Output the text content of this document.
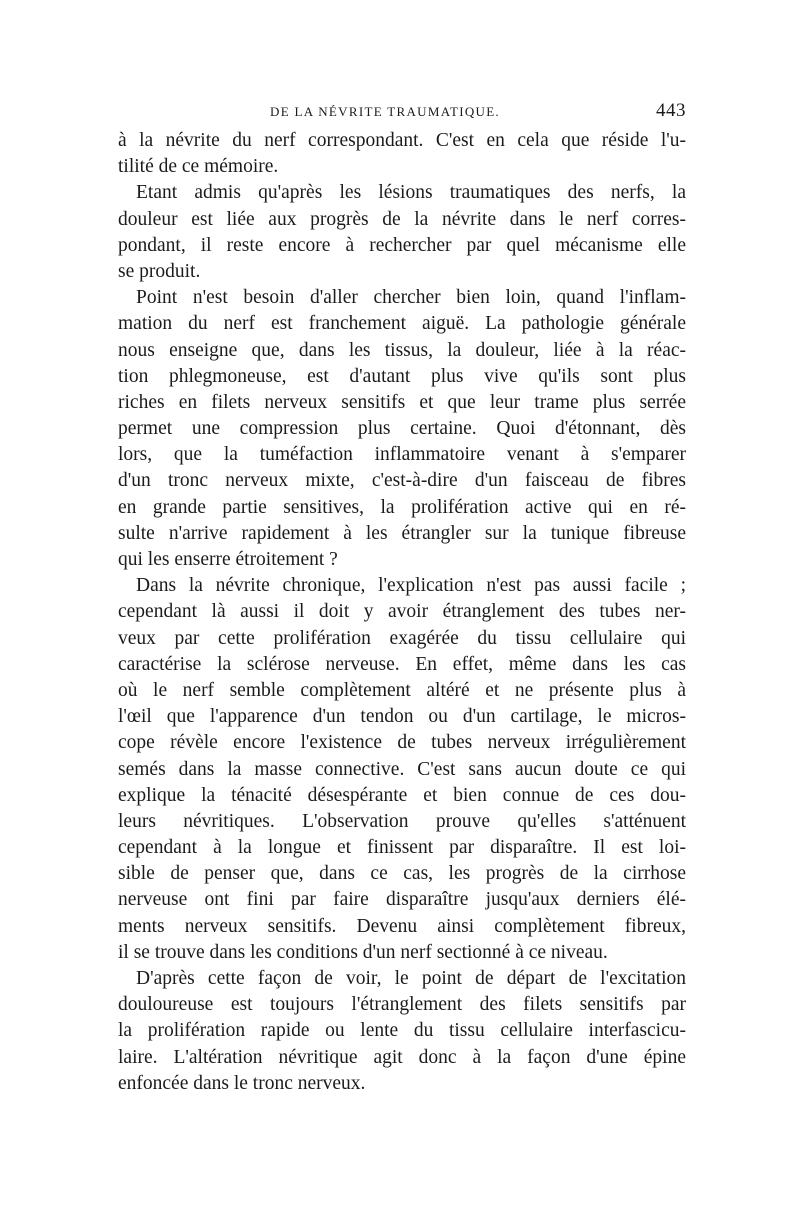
DE LA NÉVRITE TRAUMATIQUE.	443
à la névrite du nerf correspondant. C'est en cela que réside l'u-
tilité de ce mémoire.
Etant admis qu'après les lésions traumatiques des nerfs, la
douleur est liée aux progrès de la névrite dans le nerf corres-
pondant, il reste encore à rechercher par quel mécanisme elle
se produit.
Point n'est besoin d'aller chercher bien loin, quand l'inflam-
mation du nerf est franchement aiguë. La pathologie générale
nous enseigne que, dans les tissus, la douleur, liée à la réac-
tion phlegmoneuse, est d'autant plus vive qu'ils sont plus
riches en filets nerveux sensitifs et que leur trame plus serrée
permet une compression plus certaine. Quoi d'étonnant, dès
lors, que la tuméfaction inflammatoire venant à s'emparer
d'un tronc nerveux mixte, c'est-à-dire d'un faisceau de fibres
en grande partie sensitives, la prolifération active qui en ré-
sulte n'arrive rapidement à les étrangler sur la tunique fibreuse
qui les enserre étroitement ?
Dans la névrite chronique, l'explication n'est pas aussi facile ;
cependant là aussi il doit y avoir étranglement des tubes ner-
veux par cette prolifération exagérée du tissu cellulaire qui
caractérise la sclérose nerveuse. En effet, même dans les cas
où le nerf semble complètement altéré et ne présente plus à
l'œil que l'apparence d'un tendon ou d'un cartilage, le micros-
cope révèle encore l'existence de tubes nerveux irrégulièrement
semés dans la masse connective. C'est sans aucun doute ce qui
explique la ténacité désespérante et bien connue de ces dou-
leurs névritiques. L'observation prouve qu'elles s'atténuent
cependant à la longue et finissent par disparaître. Il est loi-
sible de penser que, dans ce cas, les progrès de la cirrhose
nerveuse ont fini par faire disparaître jusqu'aux derniers élé-
ments nerveux sensitifs. Devenu ainsi complètement fibreux,
il se trouve dans les conditions d'un nerf sectionné à ce niveau.
D'après cette façon de voir, le point de départ de l'excitation
douloureuse est toujours l'étranglement des filets sensitifs par
la prolifération rapide ou lente du tissu cellulaire interfascicu-
laire. L'altération névritique agit donc à la façon d'une épine
enfoncée dans le tronc nerveux.
